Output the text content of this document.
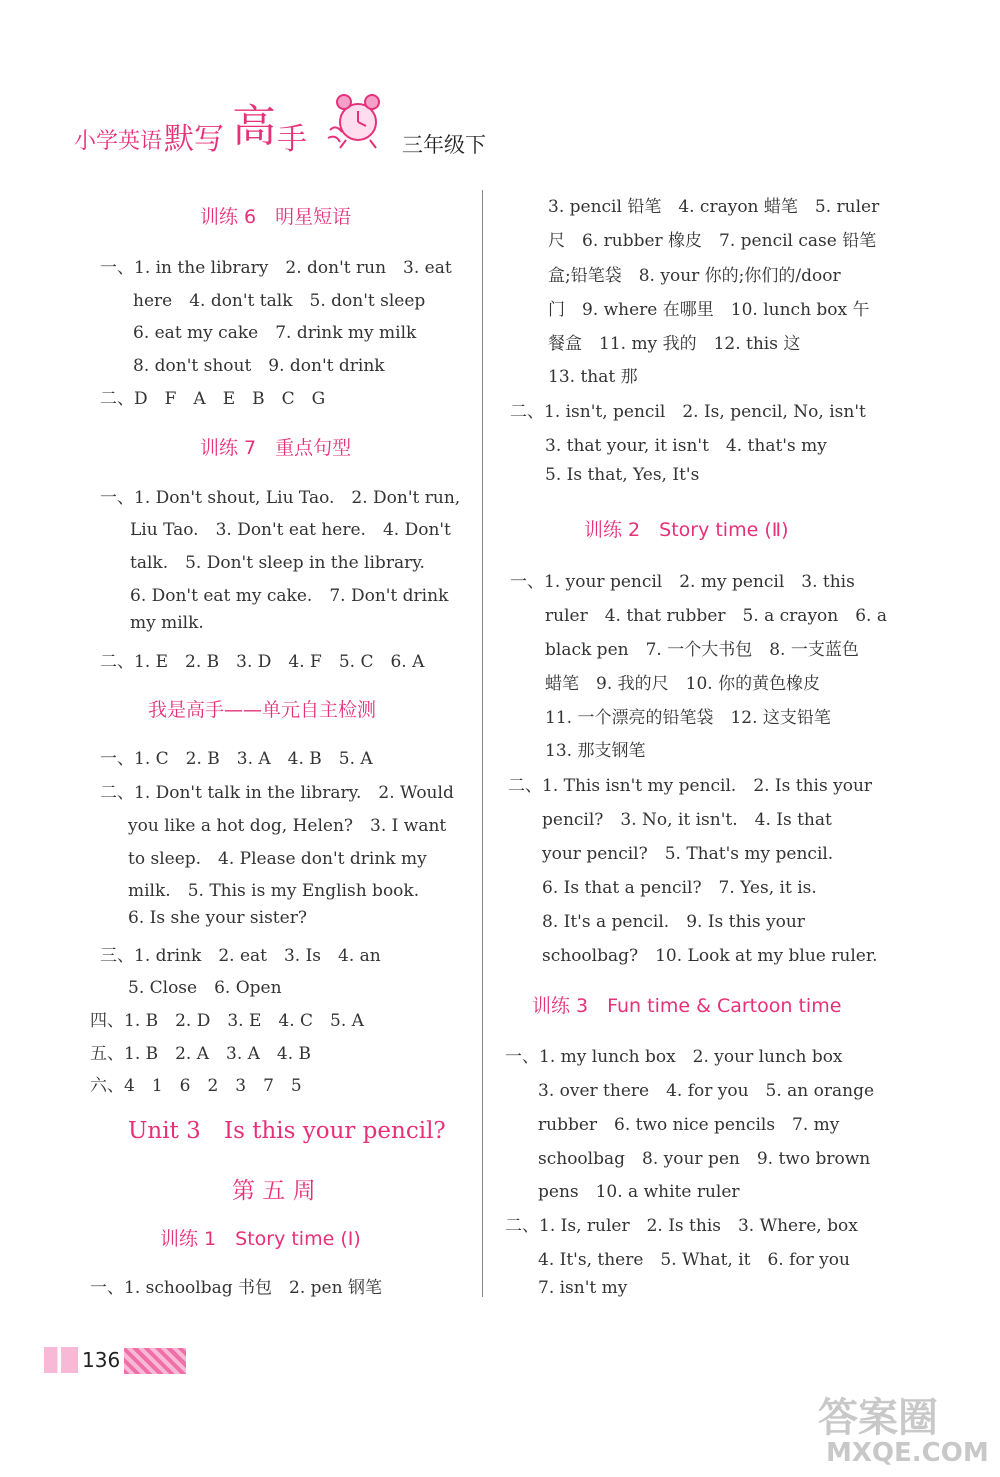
小学英语 默写 高 手	三年级下
训练 6　明星短语
一、1. in the library　2. don't run　3. eat
here　4. don't talk　5. don't sleep
6. eat my cake　7. drink my milk
8. don't shout　9. don't drink
二、D　F　A　E　B　C　G
训练 7　重点句型
一、1. Don't shout, Liu Tao.　2. Don't run,
Liu Tao.　3. Don't eat here.　4. Don't
talk.　5. Don't sleep in the library.
6. Don't eat my cake.　7. Don't drink
my milk.
二、1. E　2. B　3. D　4. F　5. C　6. A
我是高手——单元自主检测
一、1. C　2. B　3. A　4. B　5. A
二、1. Don't talk in the library.　2. Would
you like a hot dog, Helen?　3. I want
to sleep.　4. Please don't drink my
milk.　5. This is my English book.
6. Is she your sister?
三、1. drink　2. eat　3. Is　4. an
5. Close　6. Open
四、1. B　2. D　3. E　4. C　5. A
五、1. B　2. A　3. A　4. B
六、4　1　6　2　3　7　5
Unit 3 Is this your pencil?
第 五 周
训练 1　Story time (Ⅰ)
一、1. schoolbag 书包　2. pen 钢笔
3. pencil 铅笔　4. crayon 蜡笔　5. ruler
尺　6. rubber 橡皮　7. pencil case 铅笔
盒;铅笔袋　8. your 你的;你们的/door
门　9. where 在哪里　10. lunch box 午
餐盒　11. my 我的　12. this 这
13. that 那
二、1. isn't, pencil　2. Is, pencil, No, isn't
3. that your, it isn't　4. that's my
5. Is that, Yes, It's
训练 2　Story time (Ⅱ)
一、1. your pencil　2. my pencil　3. this
ruler　4. that rubber　5. a crayon　6. a
black pen　7. 一个大书包　8. 一支蓝色
蜡笔　9. 我的尺　10. 你的黄色橡皮
11. 一个漂亮的铅笔袋　12. 这支铅笔
13. 那支钢笔
二、1. This isn't my pencil.　2. Is this your
pencil?　3. No, it isn't.　4. Is that
your pencil?　5. That's my pencil.
6. Is that a pencil?　7. Yes, it is.
8. It's a pencil.　9. Is this your
schoolbag?　10. Look at my blue ruler.
训练 3　Fun time & Cartoon time
一、1. my lunch box　2. your lunch box
3. over there　4. for you　5. an orange
rubber　6. two nice pencils　7. my
schoolbag　8. your pen　9. two brown
pens　10. a white ruler
二、1. Is, ruler　2. Is this　3. Where, box
4. It's, there　5. What, it　6. for you
7. isn't my
136
答案圈
MXQE.COM
